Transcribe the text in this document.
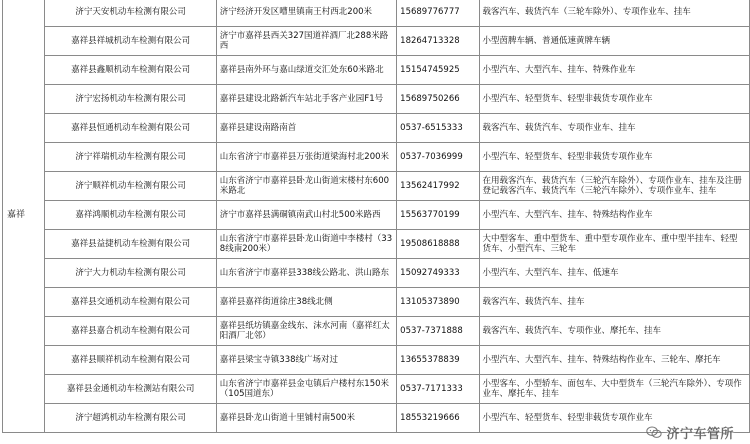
嘉祥	济宁天安机动车检测有限公司	济宁经济开发区嘈里镇南王村西北200米	15689776777	载客汽车、载货汽车（三轮车除外）、专项作业车、挂车
	嘉祥县祥城机动车检测有限公司	济宁市嘉祥县西关327国道祥酒厂北288米路西	18264713328	小型茵脾车辆、普通低速黄牌车辆
	嘉祥县鑫顺机动车检测有限公司	嘉祥县南外环与嘉山绿道交汇处东60米路北	15154745925	小型汽车、大型汽车、挂车、特殊作业车
	济宁宏扬机动车检测有限公司	嘉祥县建设北路新汽车站北手客产业园F1号	15689750266	小型汽车、轻型货车、轻型非载货专项作业车
	嘉祥县恒通机动车检测有限公司	嘉祥县建设南路南首	0537-6515333	载客汽车、载货汽车、专项作业车、挂车
	济宁祥瑞机动车检测有限公司	山东省济宁市嘉祥县万张街道梁海村北200米	0537-7036999	小型汽车、轻型货车、轻型非载货专项作业车
	济宁顺祥机动车检测有限公司	山东省济宁市嘉祥县卧龙山街道宋楼村东600米路北	13562417992	在用载客汽车、载货汽车（三轮汽车除外）、专项作业车、挂车及注册登记载客汽车、载货汽车（三轮汽车除外）、专项作业车、挂车
	嘉祥鸿顺机动车检测有限公司	济宁市嘉祥县满硐镇南武山村北500米路西	15563770199	小型汽车、大型汽车、挂车、特殊结构作业车
	嘉祥县益捷机动车检测有限公司	山东省济宁市嘉祥县卧龙山街道中李楼村（338线南200米）	19508618888	大中型客车、重中型货车、重中型专项作业车、重中型半挂车、轻型货车、小型汽车、三轮车
	济宁大力机动车检测有限公司	山东省济宁市嘉祥县338线公路北、洪山路东	15092749333	小型汽车、大型汽车、挂车、低速车
	嘉祥县交通机动车检测有限公司	嘉祥县嘉祥街道徐庄38线北侧	13105373890	载客汽车、载货汽车、挂车
	嘉祥县嘉合机动车检测有限公司	嘉祥县纸坊镇嘉金线东、沫水河南（嘉祥红太阳酒厂北邻）	0537-7371888	载客汽车、载货汽车、专项作业、摩托车、挂车
	嘉祥县顺祥机动车检测有限公司	嘉祥县梁宝寺镇338线广场对过	13655378839	小型汽车、大型汽车、挂车、特殊结构作业车、三轮车、摩托车
	嘉祥县金通机动车检测站有限公司	山东省济宁市嘉祥县金屯镇后户楼村东150米（105国道东）	0537-7171333	小型客车、小型轿车、面包车、大中型货车（三轮汽车除外）、专项作业车、摩托车、挂车
	济宁超鸿机动车检测有限公司	嘉祥县卧龙山街道十里铺村南500米	18553219666	小型汽车、轻型货车、轻型非载货专项作业车
济宁车管所
